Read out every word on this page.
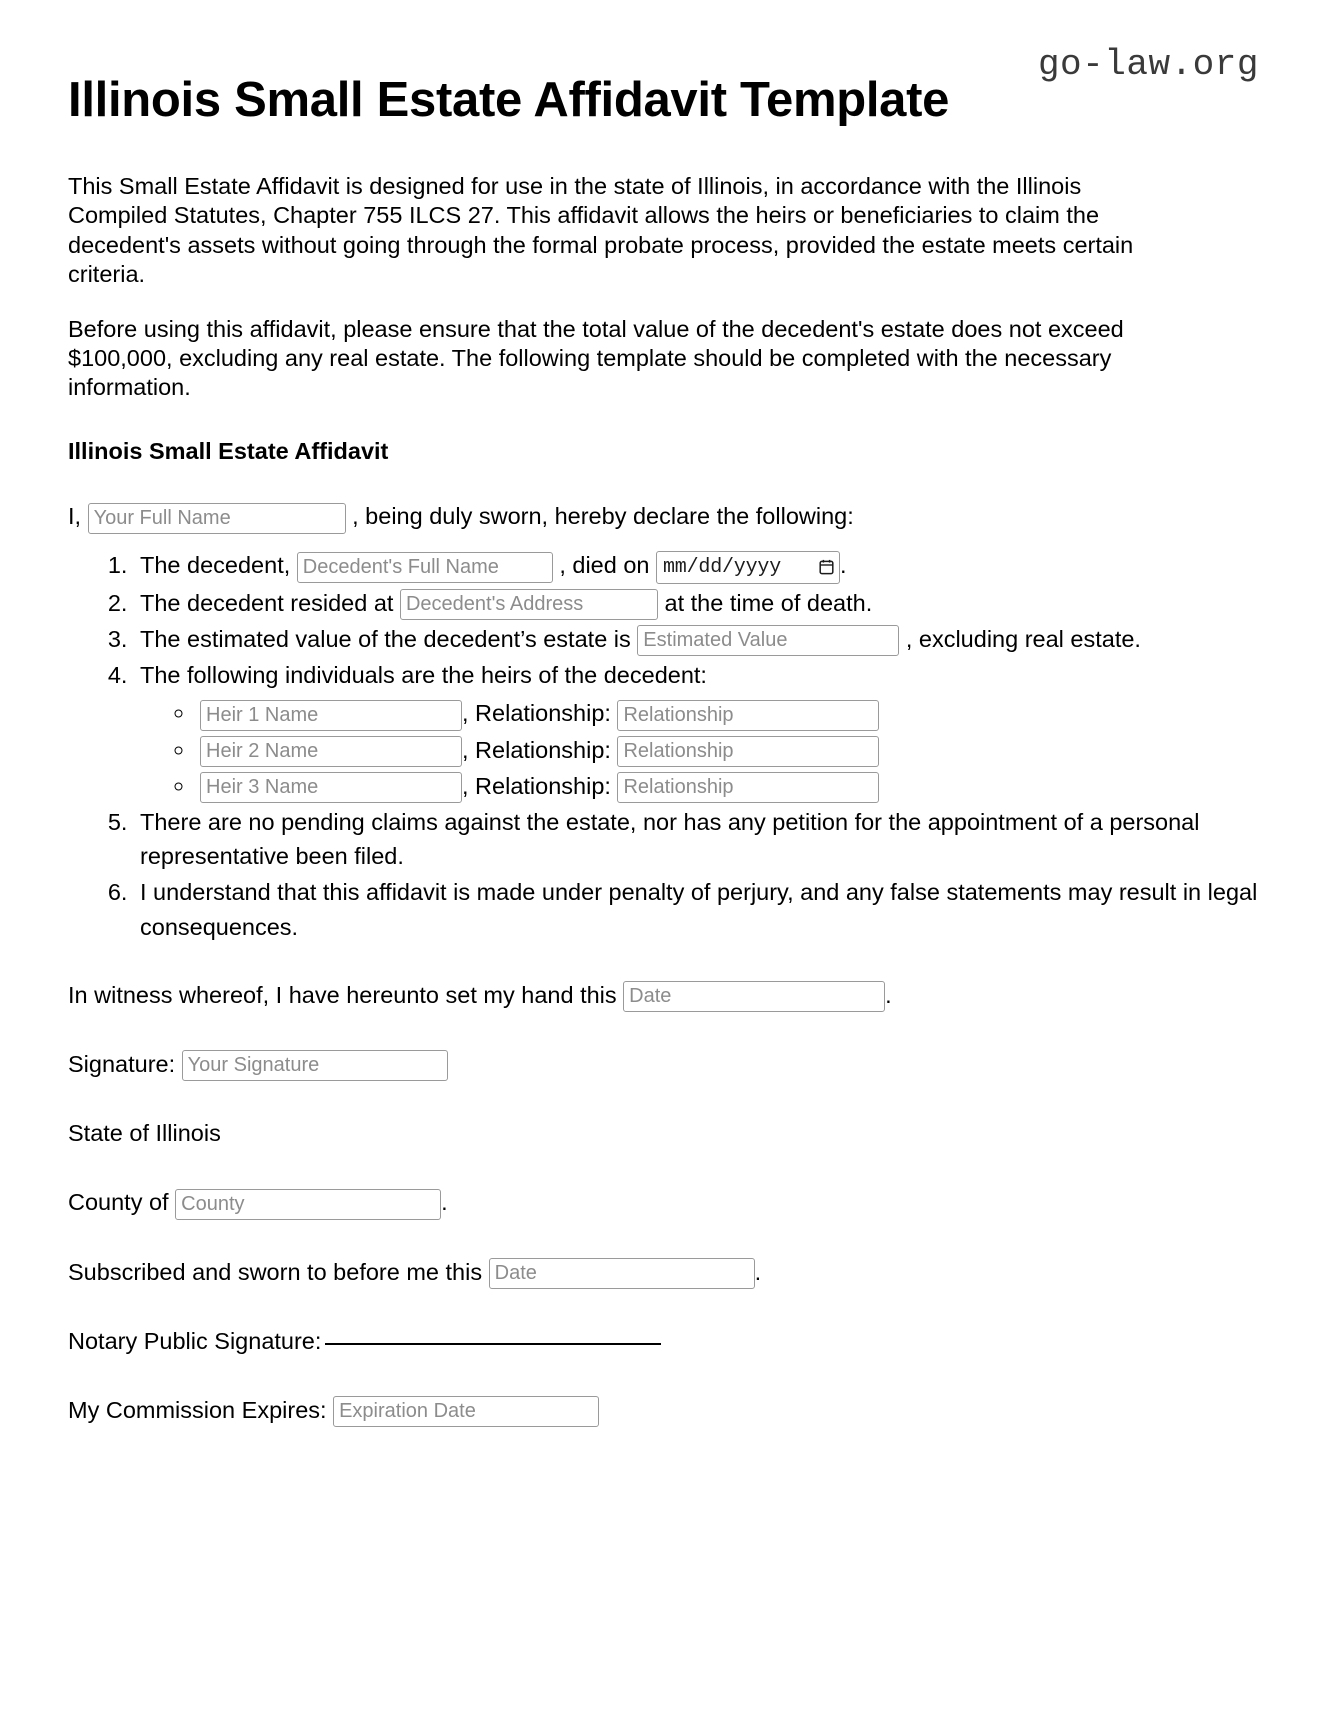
go-law.org
Illinois Small Estate Affidavit Template

This Small Estate Affidavit is designed for use in the state of Illinois, in accordance with the Illinois Compiled Statutes, Chapter 755 ILCS 27. This affidavit allows the heirs or beneficiaries to claim the decedent's assets without going through the formal probate process, provided the estate meets certain criteria.

Before using this affidavit, please ensure that the total value of the decedent's estate does not exceed $100,000, excluding any real estate. The following template should be completed with the necessary information.

Illinois Small Estate Affidavit

I, Your Full Name	, being duly sworn, hereby declare the following:

1. The decedent, Decedent's Full Name	, died on mm/dd/yyyy	.
2. The decedent resided at Decedent's Address	at the time of death.
3. The estimated value of the decedent’s estate is Estimated Value	, excluding real estate.
4. The following individuals are the heirs of the decedent:
Heir 1 Name ◦ , Relationship: Relationship
Heir 2 Name ◦ , Relationship: Relationship
Heir 3 Name ◦ , Relationship: Relationship
5. There are no pending claims against the estate, nor has any petition for the appointment of a personal representative been filed.
6. I understand that this affidavit is made under penalty of perjury, and any false statements may result in legal consequences.

In witness whereof, I have hereunto set my hand this Date	.

Signature: Your Signature

State of Illinois

County of County	.

Subscribed and sworn to before me this Date	.

Notary Public Signature:

My Commission Expires: Expiration Date
